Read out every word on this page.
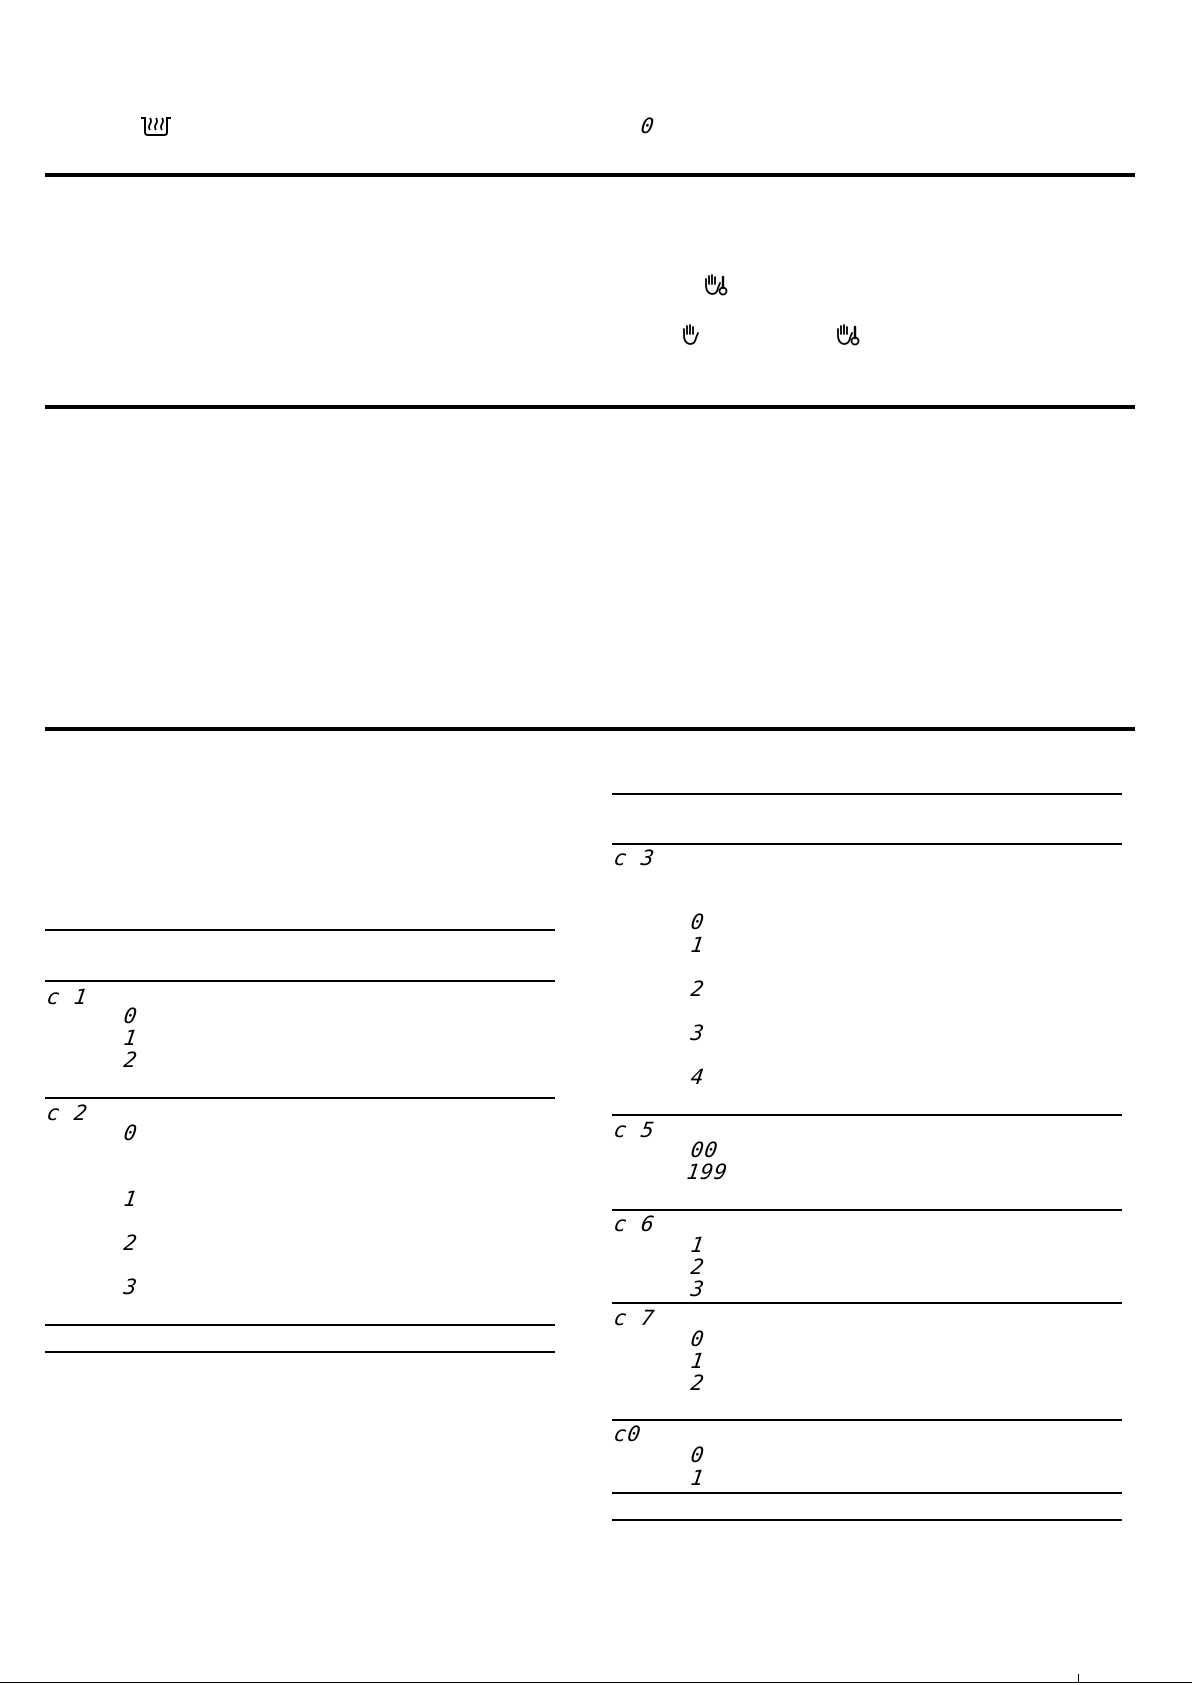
0
c 1
0
1
2
c 2
0
1
2
3
c 3
0
1
2
3
4
c 5
00
199
c 6
1
2
3
c 7
0
1
2
c0
0
1
